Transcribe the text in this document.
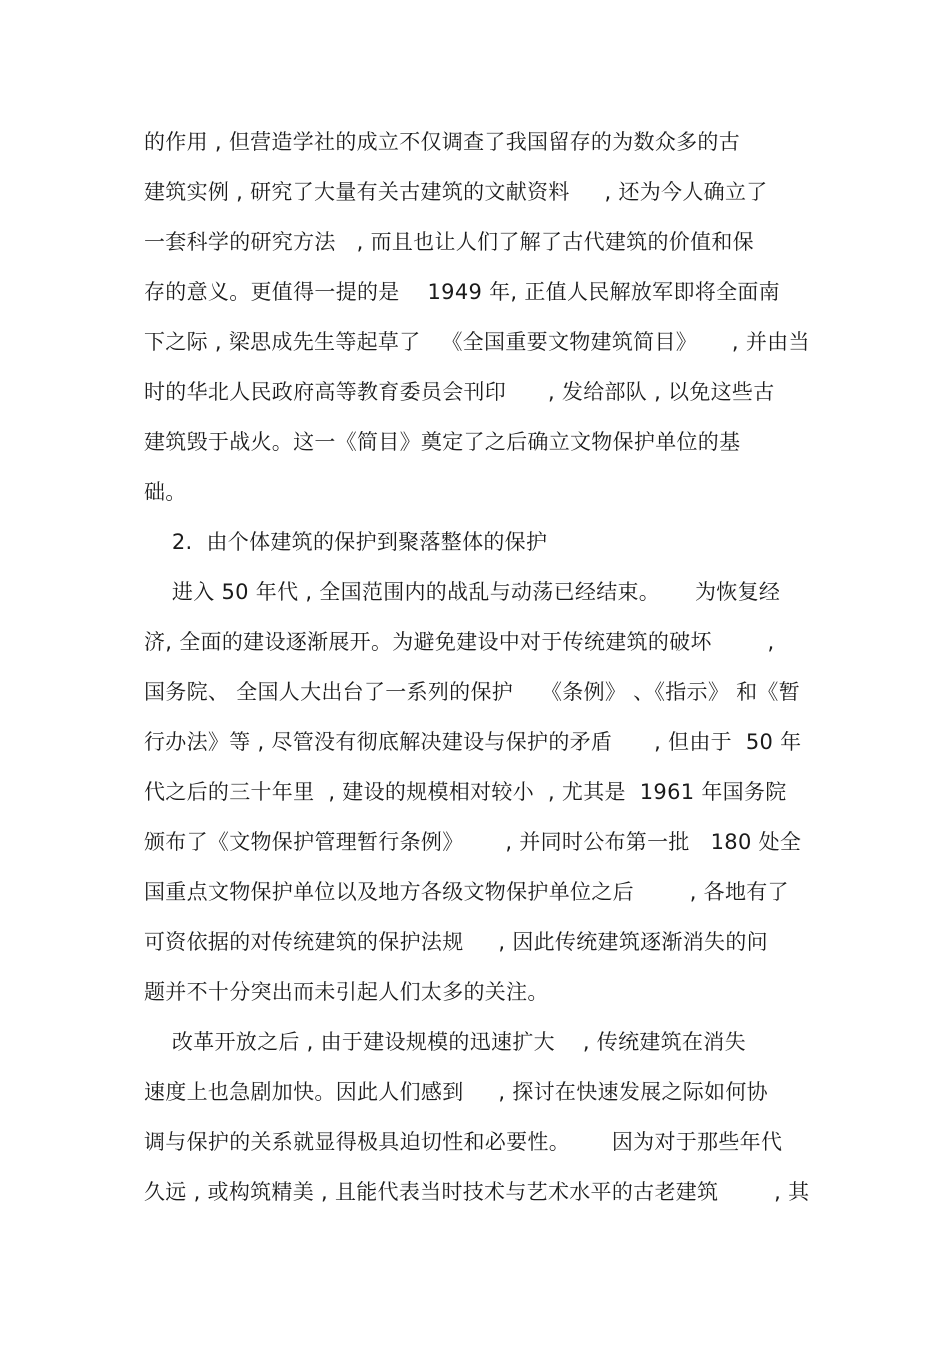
的作用 , 但营造学社的成立不仅调查了我国留存的为数众多的古
建筑实例 , 研究了大量有关古建筑的文献资料     , 还为今人确立了
一套科学的研究方法   , 而且也让人们了解了古代建筑的价值和保
存的意义。更值得一提的是    1949 年, 正值人民解放军即将全面南
下之际 , 梁思成先生等起草了   《全国重要文物建筑简目》     , 并由当
时的华北人民政府高等教育委员会刊印      , 发给部队 , 以免这些古
建筑毁于战火。这一《简目》奠定了之后确立文物保护单位的基
础。
2.  由个体建筑的保护到聚落整体的保护
进入 50 年代 , 全国范围内的战乱与动荡已经结束。     为恢复经
济, 全面的建设逐渐展开。为避免建设中对于传统建筑的破坏        ,
国务院、 全国人大出台了一系列的保护    《条例》 、《指示》 和《暂
行办法》等 , 尽管没有彻底解决建设与保护的矛盾      , 但由于  50 年
代之后的三十年里  , 建设的规模相对较小  , 尤其是  1961 年国务院
颁布了《文物保护管理暂行条例》      , 并同时公布第一批   180 处全
国重点文物保护单位以及地方各级文物保护单位之后        , 各地有了
可资依据的对传统建筑的保护法规     , 因此传统建筑逐渐消失的问
题并不十分突出而未引起人们太多的关注。
改革开放之后 , 由于建设规模的迅速扩大    , 传统建筑在消失
速度上也急剧加快。因此人们感到     , 探讨在快速发展之际如何协
调与保护的关系就显得极具迫切性和必要性。      因为对于那些年代
久远 , 或构筑精美 , 且能代表当时技术与艺术水平的古老建筑        , 其
